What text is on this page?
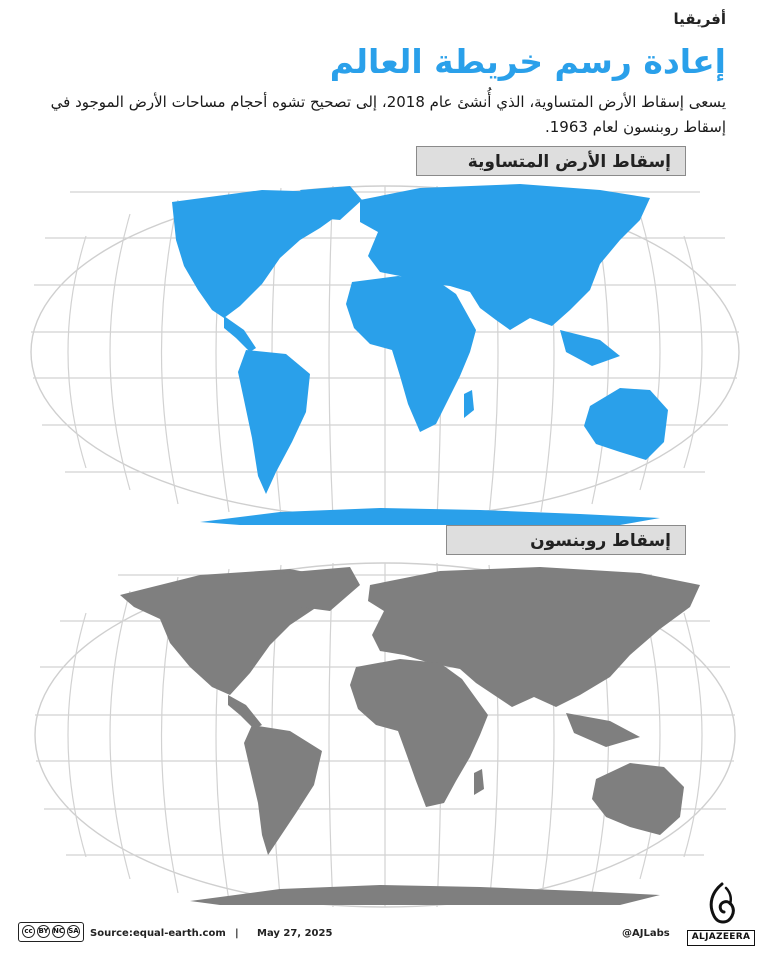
أفريقيا
إعادة رسم خريطة العالم
يسعى إسقاط الأرض المتساوية، الذي أُنشئ عام 2018، إلى تصحيح تشوه أحجام مساحات الأرض الموجود في إسقاط روبنسون لعام 1963.
إسقاط الأرض المتساوية
إسقاط روبنسون
cc BY NC SA Source: equal-earth.com | May 27, 2025	@AJLabs	ALJAZEERA
